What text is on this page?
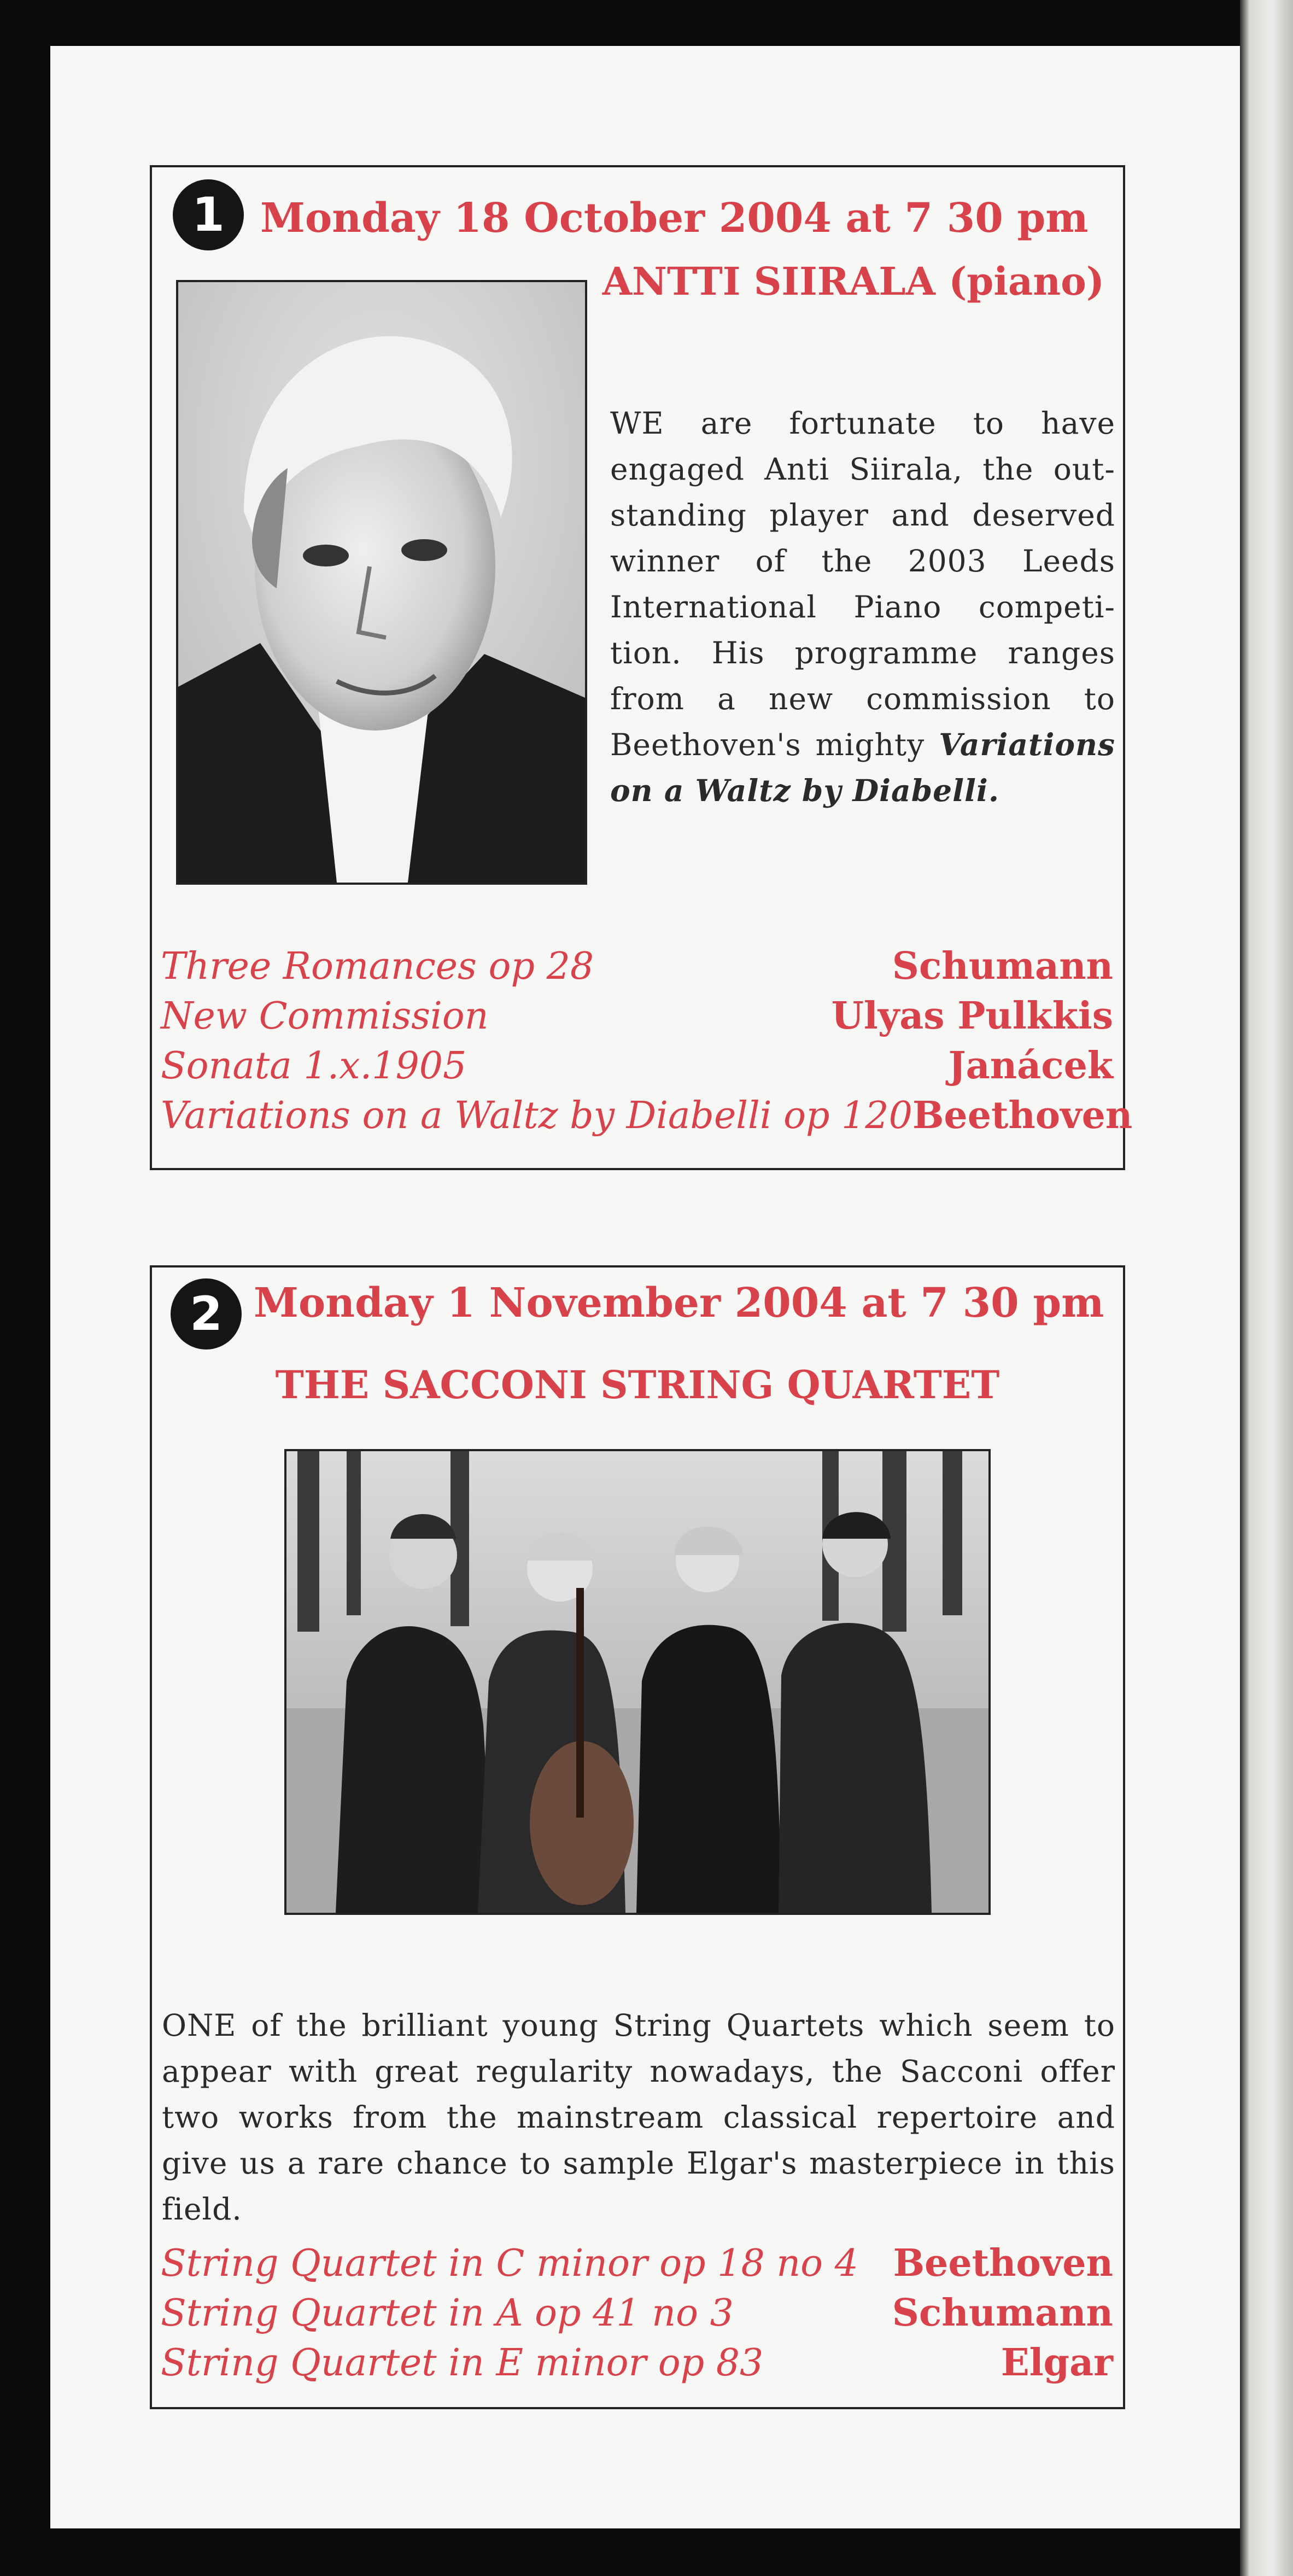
1 Monday 18 October 2004 at 7 30 pm
ANTTI SIIRALA (piano)
WE are fortunate to have engaged Anti Siirala, the out-standing player and deserved winner of the 2003 Leeds International Piano competi-tion. His programme ranges from a new commission to Beethoven's mighty Variations on a Waltz by Diabelli.
Three Romances op 28	Schumann
New Commission	Ulyas Pulkkis
Sonata 1.x.1905	Janácek
Variations on a Waltz by Diabelli op 120 Beethoven
2 Monday 1 November 2004 at 7 30 pm
THE SACCONI STRING QUARTET
ONE of the brilliant young String Quartets which seem to appear with great regularity nowadays, the Sacconi offer two works from the mainstream classical repertoire and give us a rare chance to sample Elgar's masterpiece in this field.
String Quartet in C minor op 18 no 4 Beethoven
String Quartet in A op 41 no 3	Schumann
String Quartet in E minor op 83	Elgar
